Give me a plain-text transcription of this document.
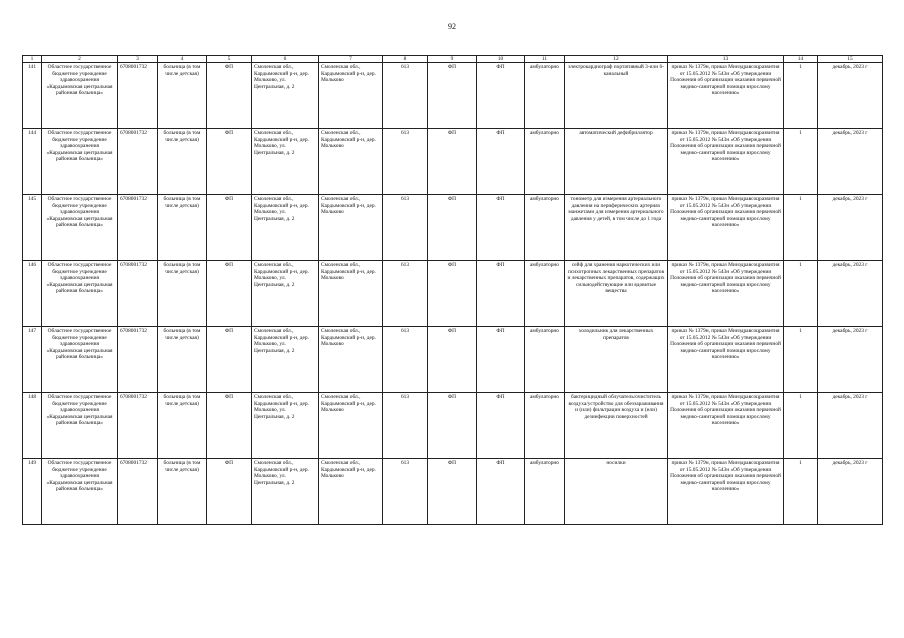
92
1	2	3	4	5	6	7	8	9	10	11	12	13	14	15
141	Областное государственное бюджетное учреждение здравоохранения «Кардымовская центральная районная больница»	6708001732	больница (в том числе детская)	ФП	Смоленская обл., Кардымовский р-н, дер. Мольково, ул. Центральная, д. 2	Смоленская обл., Кардымовский р-н, дер. Мольково	613	ФП	ФП	амбулаторно	электрокардиограф портативный 3-или 6-канальный	приказ № 1379н, приказ Минздравсоцразвития от 15.05.2012 № 543н «Об утверждении Положения об организации оказания первичной медико-санитарной помощи взрослому населению»	1	декабрь, 2023 г
144	Областное государственное бюджетное учреждение здравоохранения «Кардымовская центральная районная больница»	6708001732	больница (в том числе детская)	ФП	Смоленская обл., Кардымовский р-н, дер. Мольково, ул. Центральная, д. 2	Смоленская обл., Кардымовский р-н, дер. Мольково	613	ФП	ФП	амбулаторно	автоматический дефибриллятор	приказ № 1379н, приказ Минздравсоцразвития от 15.05.2012 № 543н «Об утверждении Положения об организации оказания первичной медико-санитарной помощи взрослому населению»	1	декабрь, 2023 г
145	Областное государственное бюджетное учреждение здравоохранения «Кардымовская центральная районная больница»	6708001732	больница (в том числе детская)	ФП	Смоленская обл., Кардымовский р-н, дер. Мольково, ул. Центральная, д. 2	Смоленская обл., Кардымовский р-н, дер. Мольково	613	ФП	ФП	амбулаторно	тонометр для измерения артериального давления на периферических артериях манжетами для измерения артериального давления у детей, в том числе до 1 года	приказ № 1379н, приказ Минздравсоцразвития от 15.05.2012 № 543н «Об утверждении Положения об организации оказания первичной медико-санитарной помощи взрослому населению»	1	декабрь, 2023 г
146	Областное государственное бюджетное учреждение здравоохранения «Кардымовская центральная районная больница»	6708001732	больница (в том числе детская)	ФП	Смоленская обл., Кардымовский р-н, дер. Мольково, ул. Центральная, д. 2	Смоленская обл., Кардымовский р-н, дер. Мольково	613	ФП	ФП	амбулаторно	сейф для хранения наркотических или психотропных лекарственных препаратов и лекарственных препаратов, содержащих сильнодействующие или ядовитые вещества	приказ № 1379н, приказ Минздравсоцразвития от 15.05.2012 № 543н «Об утверждении Положения об организации оказания первичной медико-санитарной помощи взрослому населению»	1	декабрь, 2023 г
147	Областное государственное бюджетное учреждение здравоохранения «Кардымовская центральная районная больница»	6708001732	больница (в том числе детская)	ФП	Смоленская обл., Кардымовский р-н, дер. Мольково, ул. Центральная, д. 2	Смоленская обл., Кардымовский р-н, дер. Мольково	613	ФП	ФП	амбулаторно	холодильник для лекарственных препаратов	приказ № 1379н, приказ Минздравсоцразвития от 15.05.2012 № 543н «Об утверждении Положения об организации оказания первичной медико-санитарной помощи взрослому населению»	1	декабрь, 2023 г
148	Областное государственное бюджетное учреждение здравоохранения «Кардымовская центральная районная больница»	6708001732	больница (в том числе детская)	ФП	Смоленская обл., Кардымовский р-н, дер. Мольково, ул. Центральная, д. 2	Смоленская обл., Кардымовский р-н, дер. Мольково	613	ФП	ФП	амбулаторно	бактерицидный облучатель/очиститель воздуха/устройство для обеззараживания и (или) фильтрации воздуха и (или) дезинфекции поверхностей	приказ № 1379н, приказ Минздравсоцразвития от 15.05.2012 № 543н «Об утверждении Положения об организации оказания первичной медико-санитарной помощи взрослому населению»	1	декабрь, 2023 г
149	Областное государственное бюджетное учреждение здравоохранения «Кардымовская центральная районная больница»	6708001732	больница (в том числе детская)	ФП	Смоленская обл., Кардымовский р-н, дер. Мольково, ул. Центральная, д. 2	Смоленская обл., Кардымовский р-н, дер. Мольково	613	ФП	ФП	амбулаторно	носилки	приказ № 1379н, приказ Минздравсоцразвития от 15.05.2012 № 543н «Об утверждении Положения об организации оказания первичной медико-санитарной помощи взрослому населению»	1	декабрь, 2023 г
